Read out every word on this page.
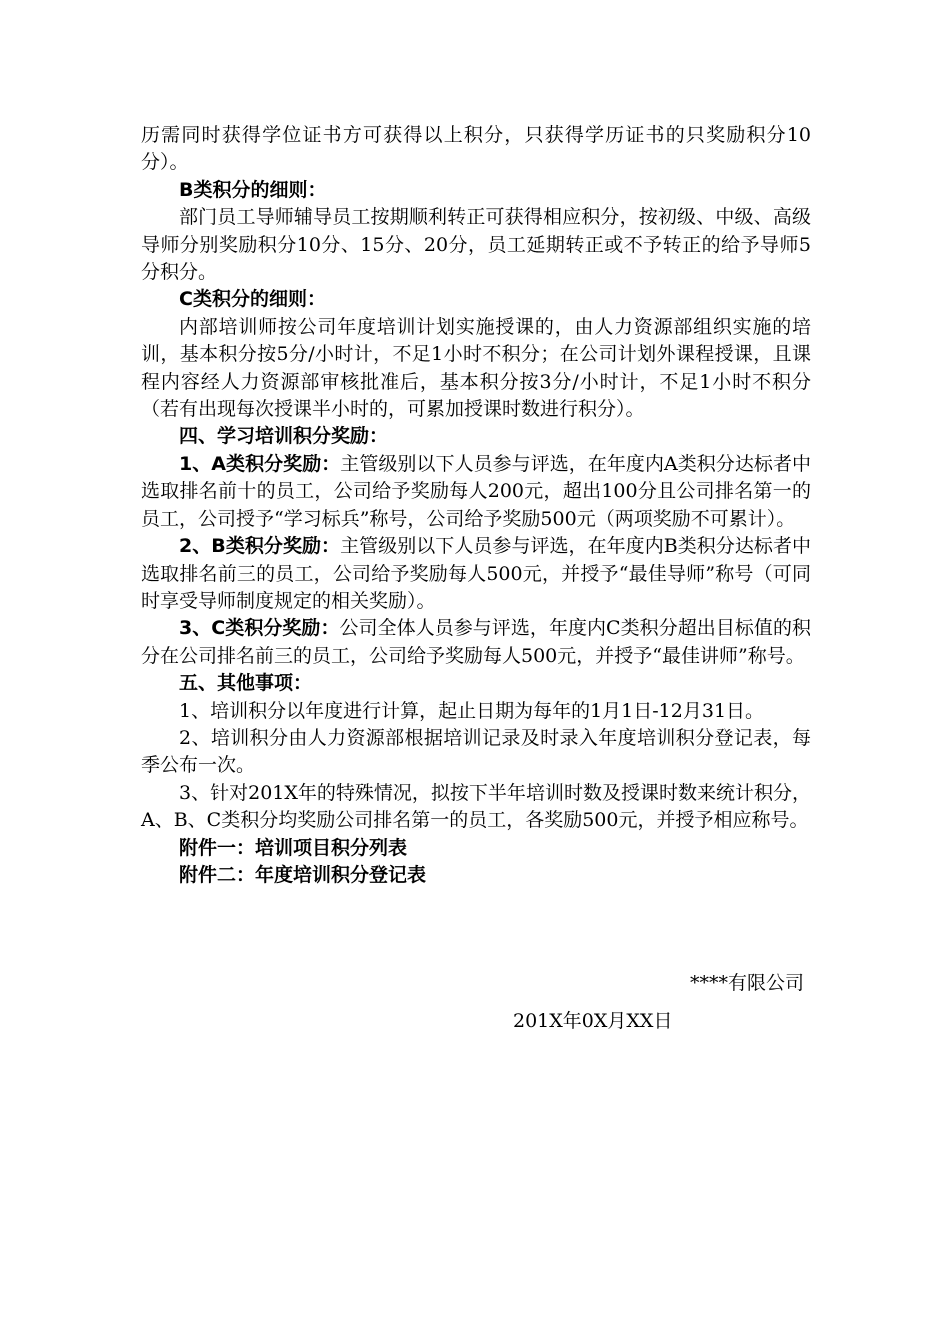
历需同时获得学位证书方可获得以上积分，只获得学历证书的只奖励积分10分）。

B类积分的细则：

部门员工导师辅导员工按期顺利转正可获得相应积分，按初级、中级、高级导师分别奖励积分10分、15分、20分，员工延期转正或不予转正的给予导师5分积分。

C类积分的细则：

内部培训师按公司年度培训计划实施授课的，由人力资源部组织实施的培训，基本积分按5分/小时计，不足1小时不积分；在公司计划外课程授课，且课程内容经人力资源部审核批准后，基本积分按3分/小时计，不足1小时不积分（若有出现每次授课半小时的，可累加授课时数进行积分）。

四、学习培训积分奖励：

1、A类积分奖励：主管级别以下人员参与评选，在年度内A类积分达标者中选取排名前十的员工，公司给予奖励每人200元，超出100分且公司排名第一的员工，公司授予“学习标兵”称号，公司给予奖励500元（两项奖励不可累计）。

2、B类积分奖励：主管级别以下人员参与评选，在年度内B类积分达标者中选取排名前三的员工，公司给予奖励每人500元，并授予“最佳导师”称号（可同时享受导师制度规定的相关奖励）。

3、C类积分奖励：公司全体人员参与评选，年度内C类积分超出目标值的积分在公司排名前三的员工，公司给予奖励每人500元，并授予“最佳讲师”称号。

五、其他事项：

1、培训积分以年度进行计算，起止日期为每年的1月1日-12月31日。

2、培训积分由人力资源部根据培训记录及时录入年度培训积分登记表，每季公布一次。

3、针对201X年的特殊情况，拟按下半年培训时数及授课时数来统计积分，A、B、C类积分均奖励公司排名第一的员工，各奖励500元，并授予相应称号。

附件一：培训项目积分列表

附件二：年度培训积分登记表

****有限公司
201X年0X月XX日
